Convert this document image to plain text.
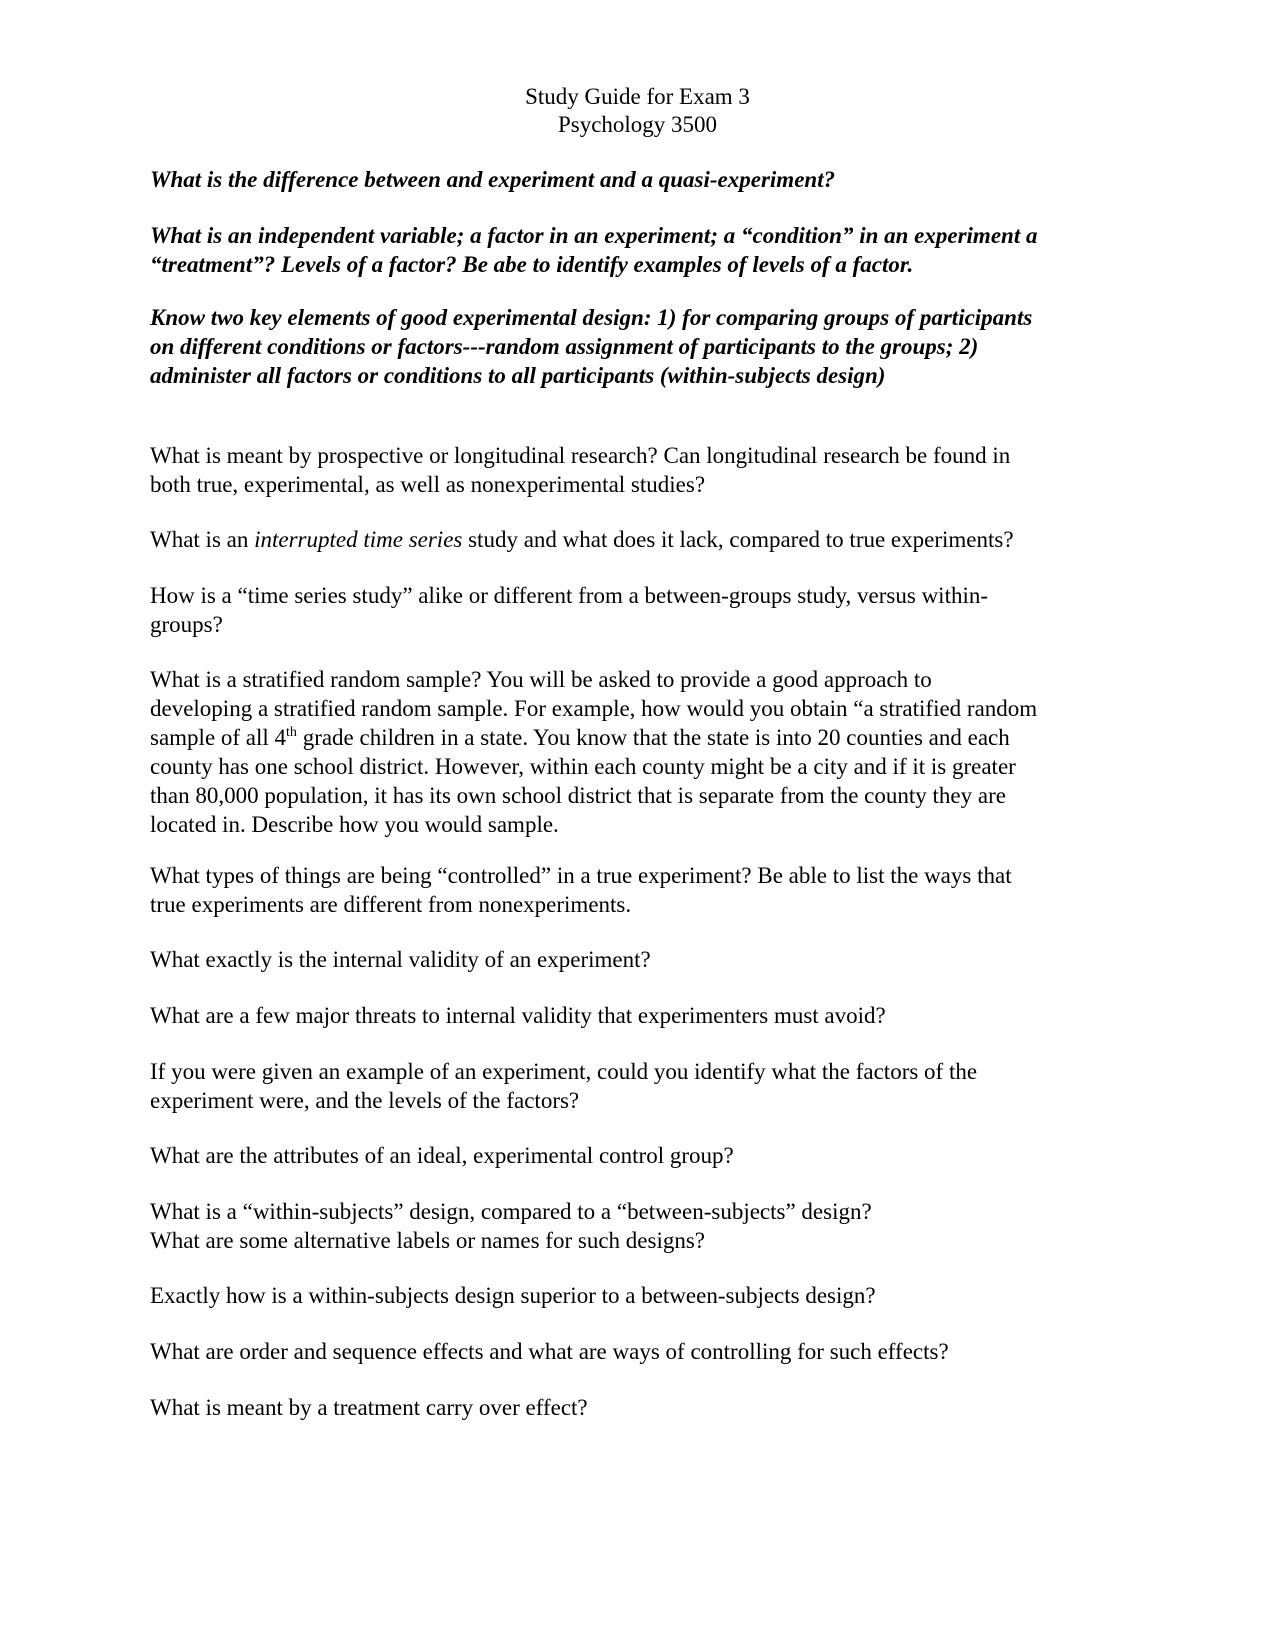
Study Guide for Exam 3
Psychology 3500

What is the difference between and experiment and a quasi-experiment?

What is an independent variable; a factor in an experiment; a “condition” in an experiment a
“treatment”? Levels of a factor? Be abe to identify examples of levels of a factor.

Know two key elements of good experimental design: 1) for comparing groups of participants
on different conditions or factors---random assignment of participants to the groups; 2)
administer all factors or conditions to all participants (within-subjects design)

What is meant by prospective or longitudinal research? Can longitudinal research be found in
both true, experimental, as well as nonexperimental studies?

What is an interrupted time series study and what does it lack, compared to true experiments?

How is a “time series study” alike or different from a between-groups study, versus within-
groups?

What is a stratified random sample? You will be asked to provide a good approach to
developing a stratified random sample. For example, how would you obtain “a stratified random
sample of all 4th grade children in a state. You know that the state is into 20 counties and each
county has one school district. However, within each county might be a city and if it is greater
than 80,000 population, it has its own school district that is separate from the county they are
located in. Describe how you would sample.

What types of things are being “controlled” in a true experiment? Be able to list the ways that
true experiments are different from nonexperiments.

What exactly is the internal validity of an experiment?

What are a few major threats to internal validity that experimenters must avoid?

If you were given an example of an experiment, could you identify what the factors of the
experiment were, and the levels of the factors?

What are the attributes of an ideal, experimental control group?

What is a “within-subjects” design, compared to a “between-subjects” design?
What are some alternative labels or names for such designs?

Exactly how is a within-subjects design superior to a between-subjects design?

What are order and sequence effects and what are ways of controlling for such effects?

What is meant by a treatment carry over effect?
